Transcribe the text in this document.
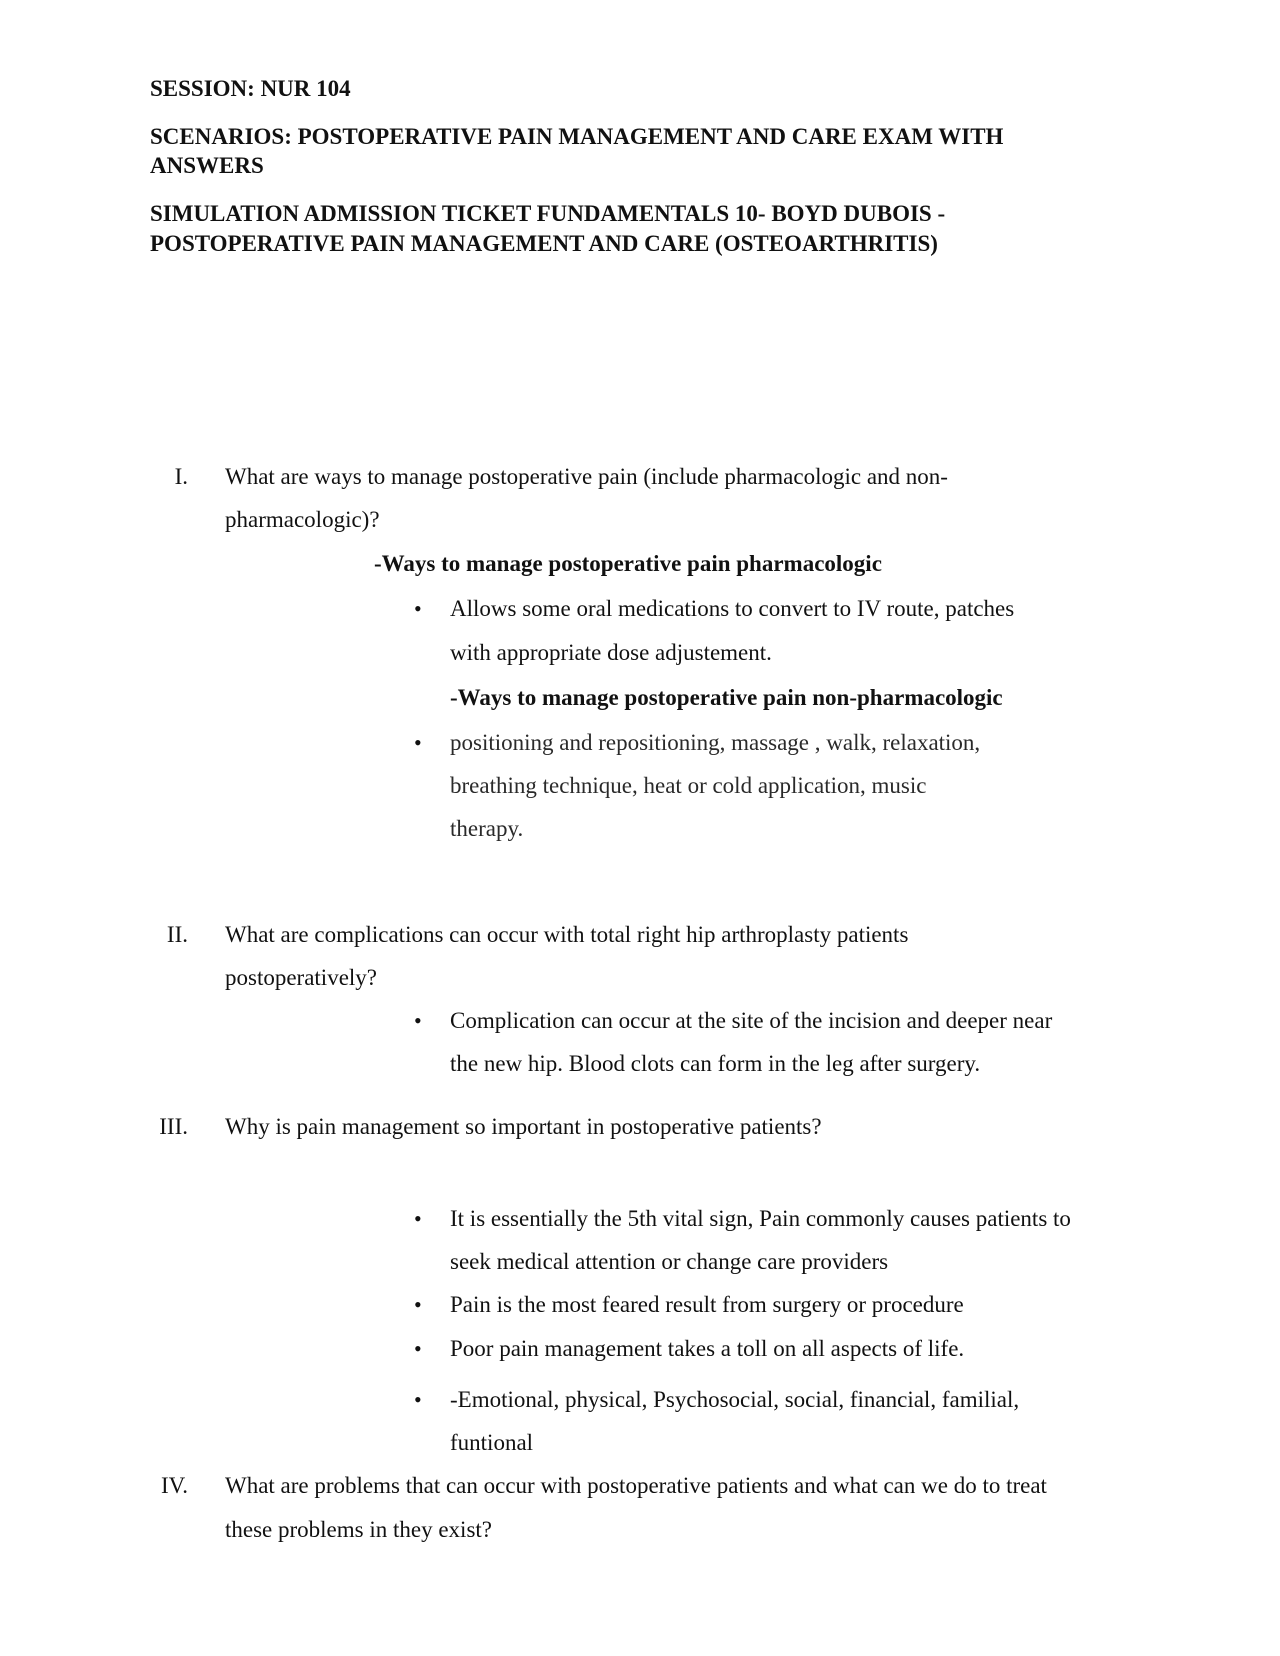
SESSION: NUR 104
SCENARIOS: POSTOPERATIVE PAIN MANAGEMENT AND CARE EXAM WITH
ANSWERS
SIMULATION ADMISSION TICKET FUNDAMENTALS 10- BOYD DUBOIS -
POSTOPERATIVE PAIN MANAGEMENT AND CARE (OSTEOARTHRITIS)
I. What are ways to manage postoperative pain (include pharmacologic and non-
pharmacologic)?
-Ways to manage postoperative pain pharmacologic
• Allows some oral medications to convert to IV route, patches
with appropriate dose adjustement.
-Ways to manage postoperative pain non-pharmacologic
• positioning and repositioning, massage , walk, relaxation,
breathing technique, heat or cold application, music
therapy.
II. What are complications can occur with total right hip arthroplasty patients
postoperatively?
• Complication can occur at the site of the incision and deeper near
the new hip. Blood clots can form in the leg after surgery.
III. Why is pain management so important in postoperative patients?
• It is essentially the 5th vital sign, Pain commonly causes patients to
seek medical attention or change care providers
• Pain is the most feared result from surgery or procedure
• Poor pain management takes a toll on all aspects of life.
• -Emotional, physical, Psychosocial, social, financial, familial,
funtional
IV. What are problems that can occur with postoperative patients and what can we do to treat
these problems in they exist?
